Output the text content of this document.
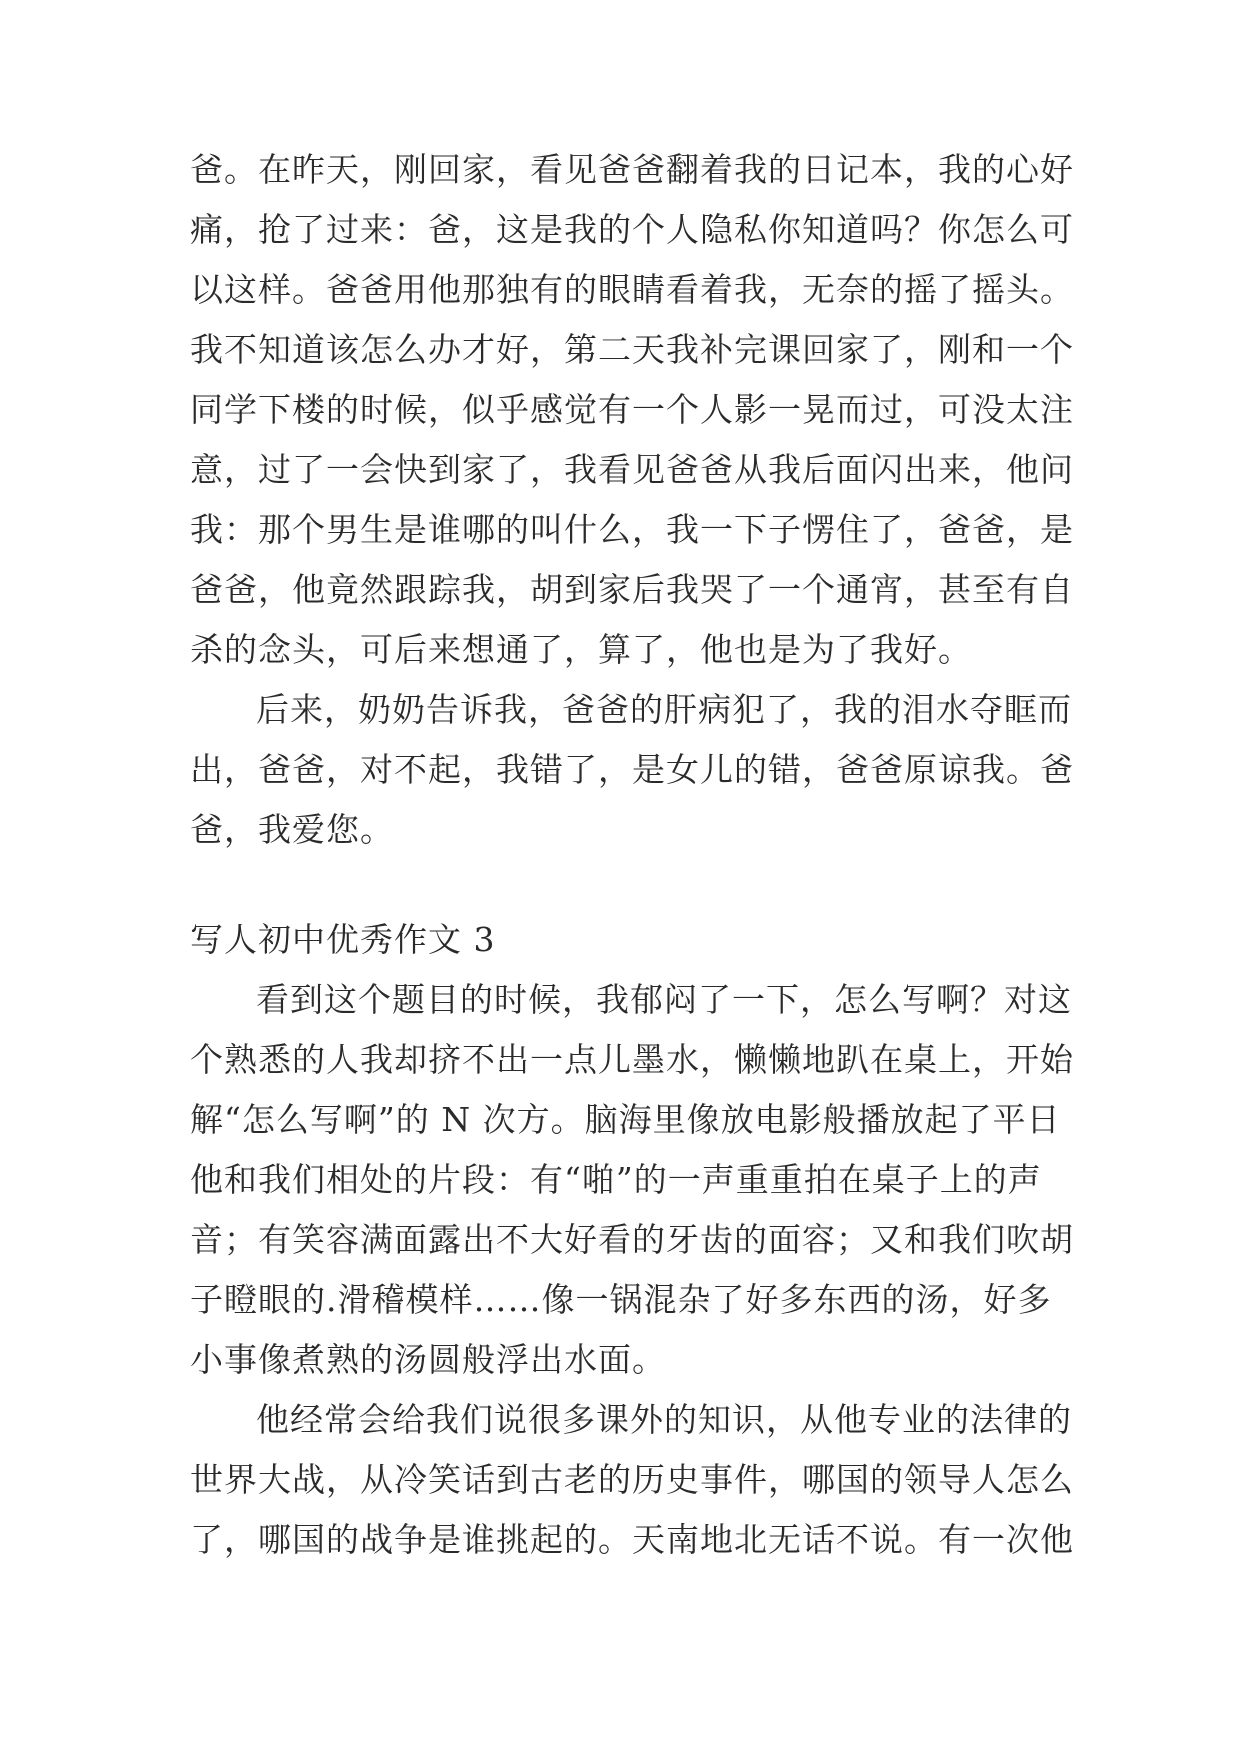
爸。在昨天，刚回家，看见爸爸翻着我的日记本，我的心好
痛，抢了过来：爸，这是我的个人隐私你知道吗？你怎么可
以这样。爸爸用他那独有的眼睛看着我，无奈的摇了摇头。
我不知道该怎么办才好，第二天我补完课回家了，刚和一个
同学下楼的时候，似乎感觉有一个人影一晃而过，可没太注
意，过了一会快到家了，我看见爸爸从我后面闪出来，他问
我：那个男生是谁哪的叫什么，我一下子愣住了，爸爸，是
爸爸，他竟然跟踪我，胡到家后我哭了一个通宵，甚至有自
杀的念头，可后来想通了，算了，他也是为了我好。
后来，奶奶告诉我，爸爸的肝病犯了，我的泪水夺眶而
出，爸爸，对不起，我错了，是女儿的错，爸爸原谅我。爸
爸，我爱您。
写人初中优秀作文 3
看到这个题目的时候，我郁闷了一下，怎么写啊？对这
个熟悉的人我却挤不出一点儿墨水，懒懒地趴在桌上，开始
解“怎么写啊”的 N 次方。脑海里像放电影般播放起了平日
他和我们相处的片段：有“啪”的一声重重拍在桌子上的声
音；有笑容满面露出不大好看的牙齿的面容；又和我们吹胡
子瞪眼的.滑稽模样……像一锅混杂了好多东西的汤，好多
小事像煮熟的汤圆般浮出水面。
他经常会给我们说很多课外的知识，从他专业的法律的
世界大战，从冷笑话到古老的历史事件，哪国的领导人怎么
了，哪国的战争是谁挑起的。天南地北无话不说。有一次他
